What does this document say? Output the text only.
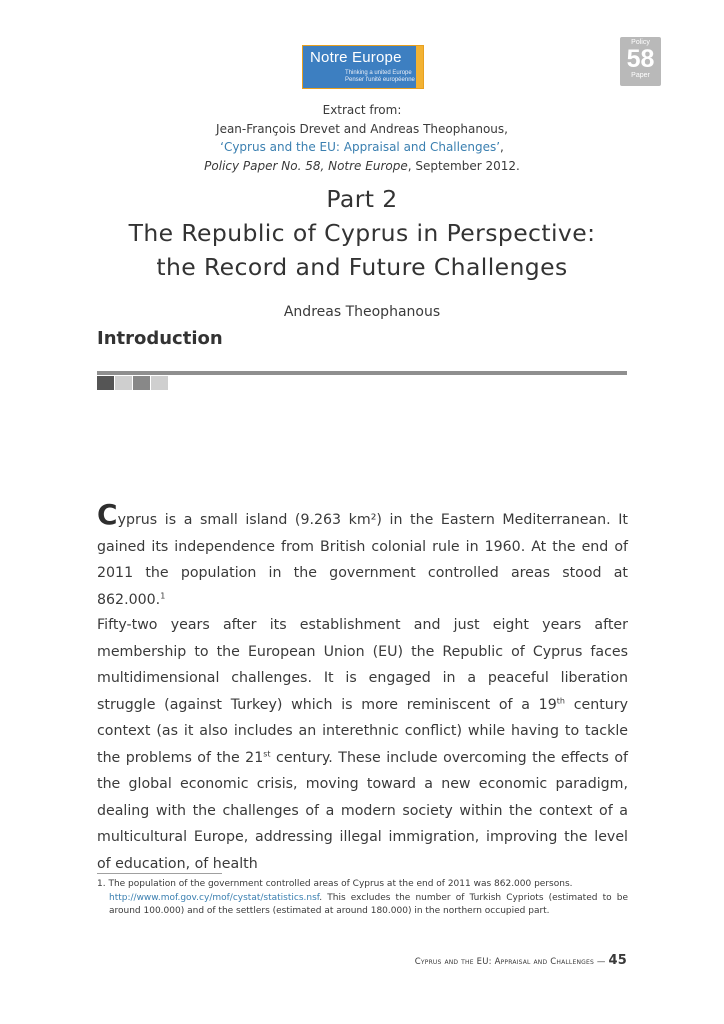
Notre Europe
Thinking a united Europe
Penser l'unité européenne
Policy
58
Paper
Extract from:
Jean-François Drevet and Andreas Theophanous,
‘Cyprus and the EU: Appraisal and Challenges’,
Policy Paper No. 58, Notre Europe, September 2012.
Part 2
The Republic of Cyprus in Perspective:
the Record and Future Challenges
Andreas Theophanous
Introduction
Cyprus is a small island (9.263 km²) in the Eastern Mediterranean. It gained its independence from British colonial rule in 1960. At the end of 2011 the population in the government controlled areas stood at 862.000.$^1$
Fifty-two years after its establishment and just eight years after membership to the European Union (EU) the Republic of Cyprus faces multidimensional challenges. It is engaged in a peaceful liberation struggle (against Turkey) which is more reminiscent of a 19th century context (as it also includes an interethnic conflict) while having to tackle the problems of the 21st century. These include overcoming the effects of the global economic crisis, moving toward a new economic paradigm, dealing with the challenges of a modern society within the context of a multicultural Europe, addressing illegal immigration, improving the level of education, of health
1. The population of the government controlled areas of Cyprus at the end of 2011 was 862.000 persons.
http://www.mof.gov.cy/mof/cystat/statistics.nsf. This excludes the number of Turkish Cypriots (estimated to be around 100.000) and of the settlers (estimated at around 180.000) in the northern occupied part.
Cyprus and the EU: Appraisal and Challenges — 45
